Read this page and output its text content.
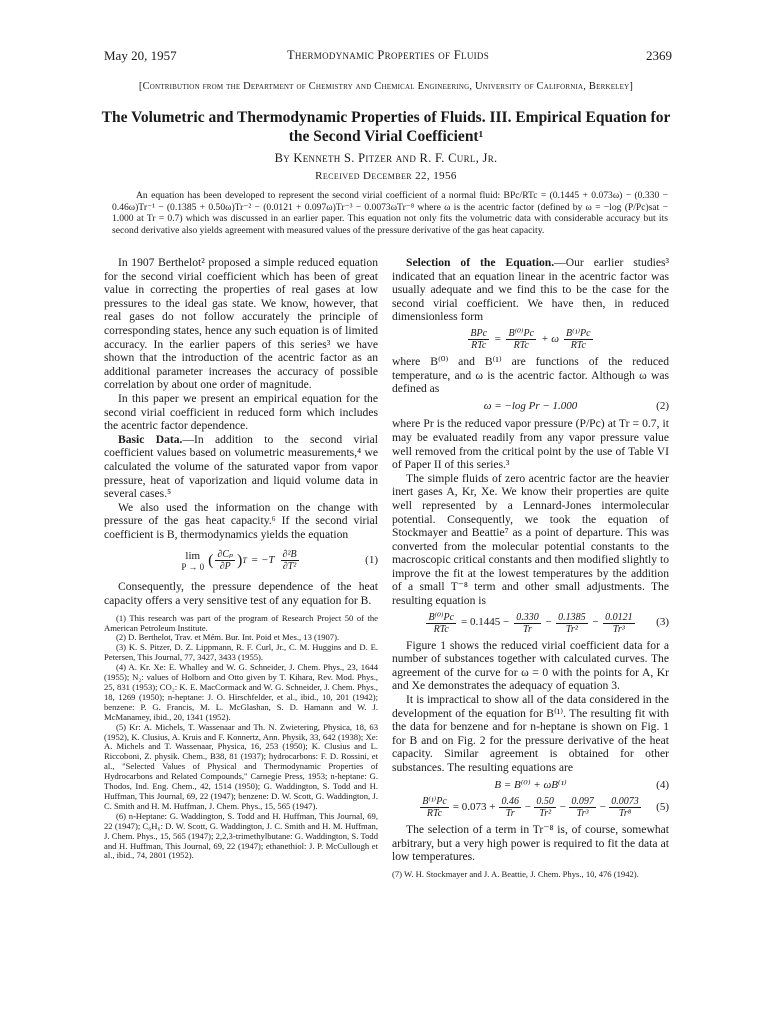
May 20, 1957	Thermodynamic Properties of Fluids	2369
[Contribution from the Department of Chemistry and Chemical Engineering, University of California, Berkeley]
The Volumetric and Thermodynamic Properties of Fluids. III. Empirical Equation for the Second Virial Coefficient¹
By Kenneth S. Pitzer and R. F. Curl, Jr.
Received December 22, 1956
An equation has been developed to represent the second virial coefficient of a normal fluid: BPc/RTc = (0.1445 + 0.073ω) − (0.330 − 0.46ω)Tr⁻¹ − (0.1385 + 0.50ω)Tr⁻² − (0.0121 + 0.097ω)Tr⁻³ − 0.0073ωTr⁻⁸ where ω is the acentric factor (defined by ω = −log (P/Pc)sat − 1.000 at Tr = 0.7) which was discussed in an earlier paper. This equation not only fits the volumetric data with considerable accuracy but its second derivative also yields agreement with measured values of the pressure derivative of the gas heat capacity.

In 1907 Berthelot² proposed a simple reduced equation for the second virial coefficient which has been of great value in correcting the properties of real gases at low pressures to the ideal gas state. We know, however, that real gases do not follow accurately the principle of corresponding states, hence any such equation is of limited accuracy. In the earlier papers of this series³ we have shown that the introduction of the acentric factor as an additional parameter increases the accuracy of possible correlation by about one order of magnitude.

In this paper we present an empirical equation for the second virial coefficient in reduced form which includes the acentric factor dependence.

Basic Data.—In addition to the second virial coefficient values based on volumetric measurements,⁴ we calculated the volume of the saturated vapor from vapor pressure, heat of vaporization and liquid volume data in several cases.⁵

We also used the information on the change with pressure of the gas heat capacity.⁶ If the second virial coefficient is B, thermodynamics yields the equation

lim
P → 0 ( $\frac{\text{∂Cₚ}}{\partial P}$ ) $T = -T \frac{\text{∂²B}}{\text{∂T²}}$	(1)

Consequently, the pressure dependence of the heat capacity offers a very sensitive test of any equation for B.

(1) This research was part of the program of Research Project 50 of the American Petroleum Institute.
(2) D. Berthelot, Trav. et Mém. Bur. Int. Poid et Mes., 13 (1907).
(3) K. S. Pitzer, D. Z. Lippmann, R. F. Curl, Jr., C. M. Huggins and D. E. Petersen, This Journal, 77, 3427, 3433 (1955).
(4) A. Kr. Xe: E. Whalley and W. G. Schneider, J. Chem. Phys., 23, 1644 (1955); N₂: values of Holborn and Otto given by T. Kihara, Rev. Mod. Phys., 25, 831 (1953); CO₂: K. E. MacCormack and W. G. Schneider, J. Chem. Phys., 18, 1269 (1950); n-heptane: J. O. Hirschfelder, et al., ibid., 10, 201 (1942); benzene: P. G. Francis, M. L. McGlashan, S. D. Hamann and W. J. McManamey, ibid., 20, 1341 (1952).
(5) Kr: A. Michels, T. Wassenaar and Th. N. Zwietering, Physica, 18, 63 (1952), K. Clusius, A. Kruis and F. Konnertz, Ann. Physik, 33, 642 (1938); Xe: A. Michels and T. Wassenaar, Physica, 16, 253 (1950); K. Clusius and L. Riccoboni, Z. physik. Chem., B38, 81 (1937); hydrocarbons: F. D. Rossini, et al., "Selected Values of Physical and Thermodynamic Properties of Hydrocarbons and Related Compounds," Carnegie Press, 1953; n-heptane: G. Thodos, Ind. Eng. Chem., 42, 1514 (1950); G. Waddington, S. Todd and H. Huffman, This Journal, 69, 22 (1947); benzene: D. W. Scott, G. Waddington, J. C. Smith and H. M. Huffman, J. Chem. Phys., 15, 565 (1947).
(6) n-Heptane: G. Waddington, S. Todd and H. Huffman, This Journal, 69, 22 (1947); C₆H₆: D. W. Scott, G. Waddington, J. C. Smith and H. M. Huffman, J. Chem. Phys., 15, 565 (1947); 2,2,3-trimethylbutane: G. Waddington, S. Todd and H. Huffman, This Journal, 69, 22 (1947); ethanethiol: J. P. McCullough et al., ibid., 74, 2801 (1952).

Selection of the Equation.—Our earlier studies³ indicated that an equation linear in the acentric factor was usually adequate and we find this to be the case for the second virial coefficient. We have then, in reduced dimensionless form

$\frac{\text{BPc}}{\text{RTc}} = \frac{\text{B⁽⁰⁾Pc}}{\text{RTc}} + \omega \frac{\text{B⁽¹⁾Pc}}{\text{RTc}}$

where B⁽⁰⁾ and B⁽¹⁾ are functions of the reduced temperature, and ω is the acentric factor. Although ω was defined as

ω = −log Pr − 1.000	(2)

where Pr is the reduced vapor pressure (P/Pc) at Tr = 0.7, it may be evaluated readily from any vapor pressure value well removed from the critical point by the use of Table VI of Paper II of this series.³

The simple fluids of zero acentric factor are the heavier inert gases A, Kr, Xe. We know their properties are quite well represented by a Lennard-Jones intermolecular potential. Consequently, we took the equation of Stockmayer and Beattie⁷ as a point of departure. This was converted from the molecular potential constants to the macroscopic critical constants and then modified slightly to improve the fit at the lowest temperatures by the addition of a small T⁻⁸ term and other small adjustments. The resulting equation is

$\frac{\text{B⁽⁰⁾Pc}}{\text{RTc}} = 0.1445 - \frac{0.330}{Tr} - \frac{0.1385}{\text{Tr²}} - \frac{0.0121}{\text{Tr³}} (3)$

Figure 1 shows the reduced virial coefficient data for a number of substances together with calculated curves. The agreement of the curve for ω = 0 with the points for A, Kr and Xe demonstrates the adequacy of equation 3.

It is impractical to show all of the data considered in the development of the equation for B⁽¹⁾. The resulting fit with the data for benzene and for n-heptane is shown on Fig. 1 for B and on Fig. 2 for the pressure derivative of the heat capacity. Similar agreement is obtained for other substances. The resulting equations are

B = B⁽⁰⁾ + ωB⁽¹⁾	(4)
$\frac{\text{B⁽¹⁾Pc}}{\text{RTc}} = 0.073 + \frac{0.46}{Tr} - \frac{0.50}{\text{Tr²}} - \frac{0.097}{\text{Tr³}} - \frac{0.0073}{\text{Tr⁸}} (5)$

The selection of a term in Tr⁻⁸ is, of course, somewhat arbitrary, but a very high power is required to fit the data at low temperatures.

(7) W. H. Stockmayer and J. A. Beattie, J. Chem. Phys., 10, 476 (1942).
